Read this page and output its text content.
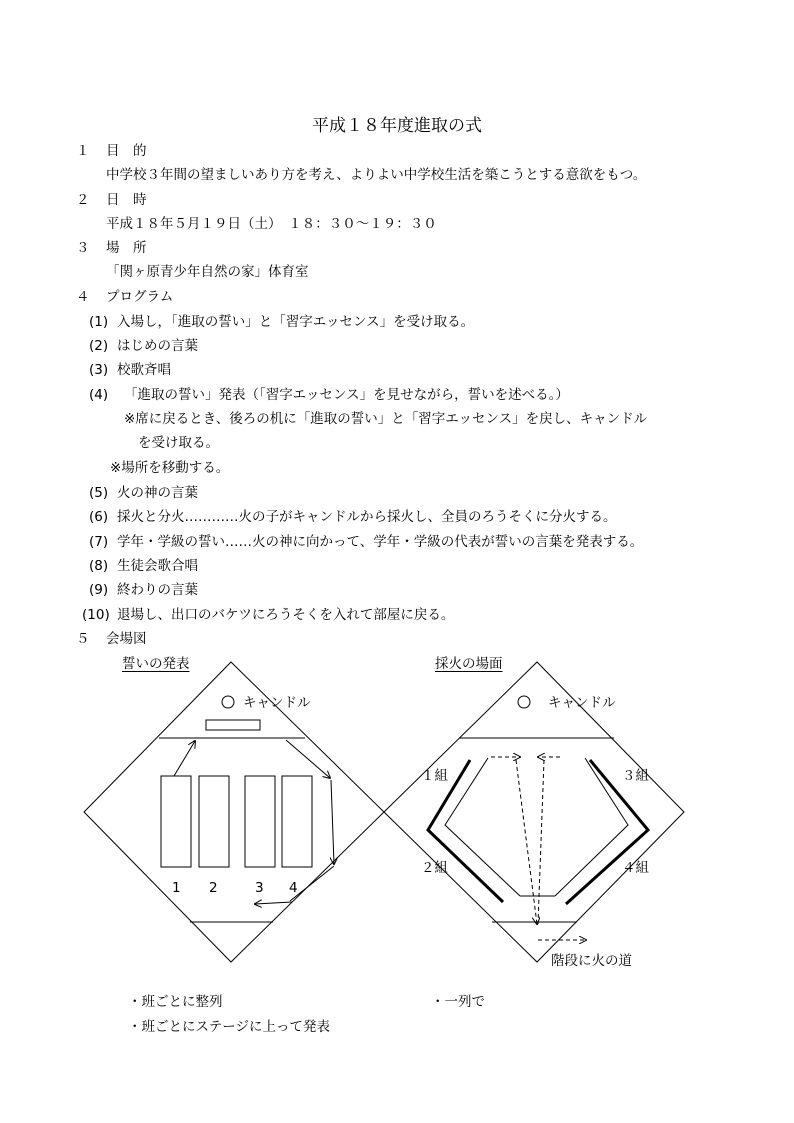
平成１８年度進取の式
１ 目　的
中学校３年間の望ましいあり方を考え、よりよい中学校生活を築こうとする意欲をもつ。
２ 日　時
平成１８年５月１９日（土）　１８：３０～１９：３０
３ 場　所
「関ヶ原青少年自然の家」体育室
４ プログラム
(1) 入場し，「進取の誓い」と「習字エッセンス」を受け取る。
(2) はじめの言葉
(3) 校歌斉唱
(4) 「進取の誓い」発表（「習字エッセンス」を見せながら，誓いを述べる。）
※席に戻るとき、後ろの机に「進取の誓い」と「習字エッセンス」を戻し、キャンドル
を受け取る。
※場所を移動する。
(5) 火の神の言葉
(6) 採火と分火…………火の子がキャンドルから採火し、全員のろうそくに分火する。
(7) 学年・学級の誓い……火の神に向かって、学年・学級の代表が誓いの言葉を発表する。
(8) 生徒会歌合唱
(9) 終わりの言葉
(10) 退場し、出口のバケツにろうそくを入れて部屋に戻る。
５ 会場図
誓いの発表	採火の場面
キャンドル
1 2	3 4
キャンドル
１組	３組
２組	４組
階段に火の道
・班ごとに整列
・班ごとにステージに上って発表
・一列で
